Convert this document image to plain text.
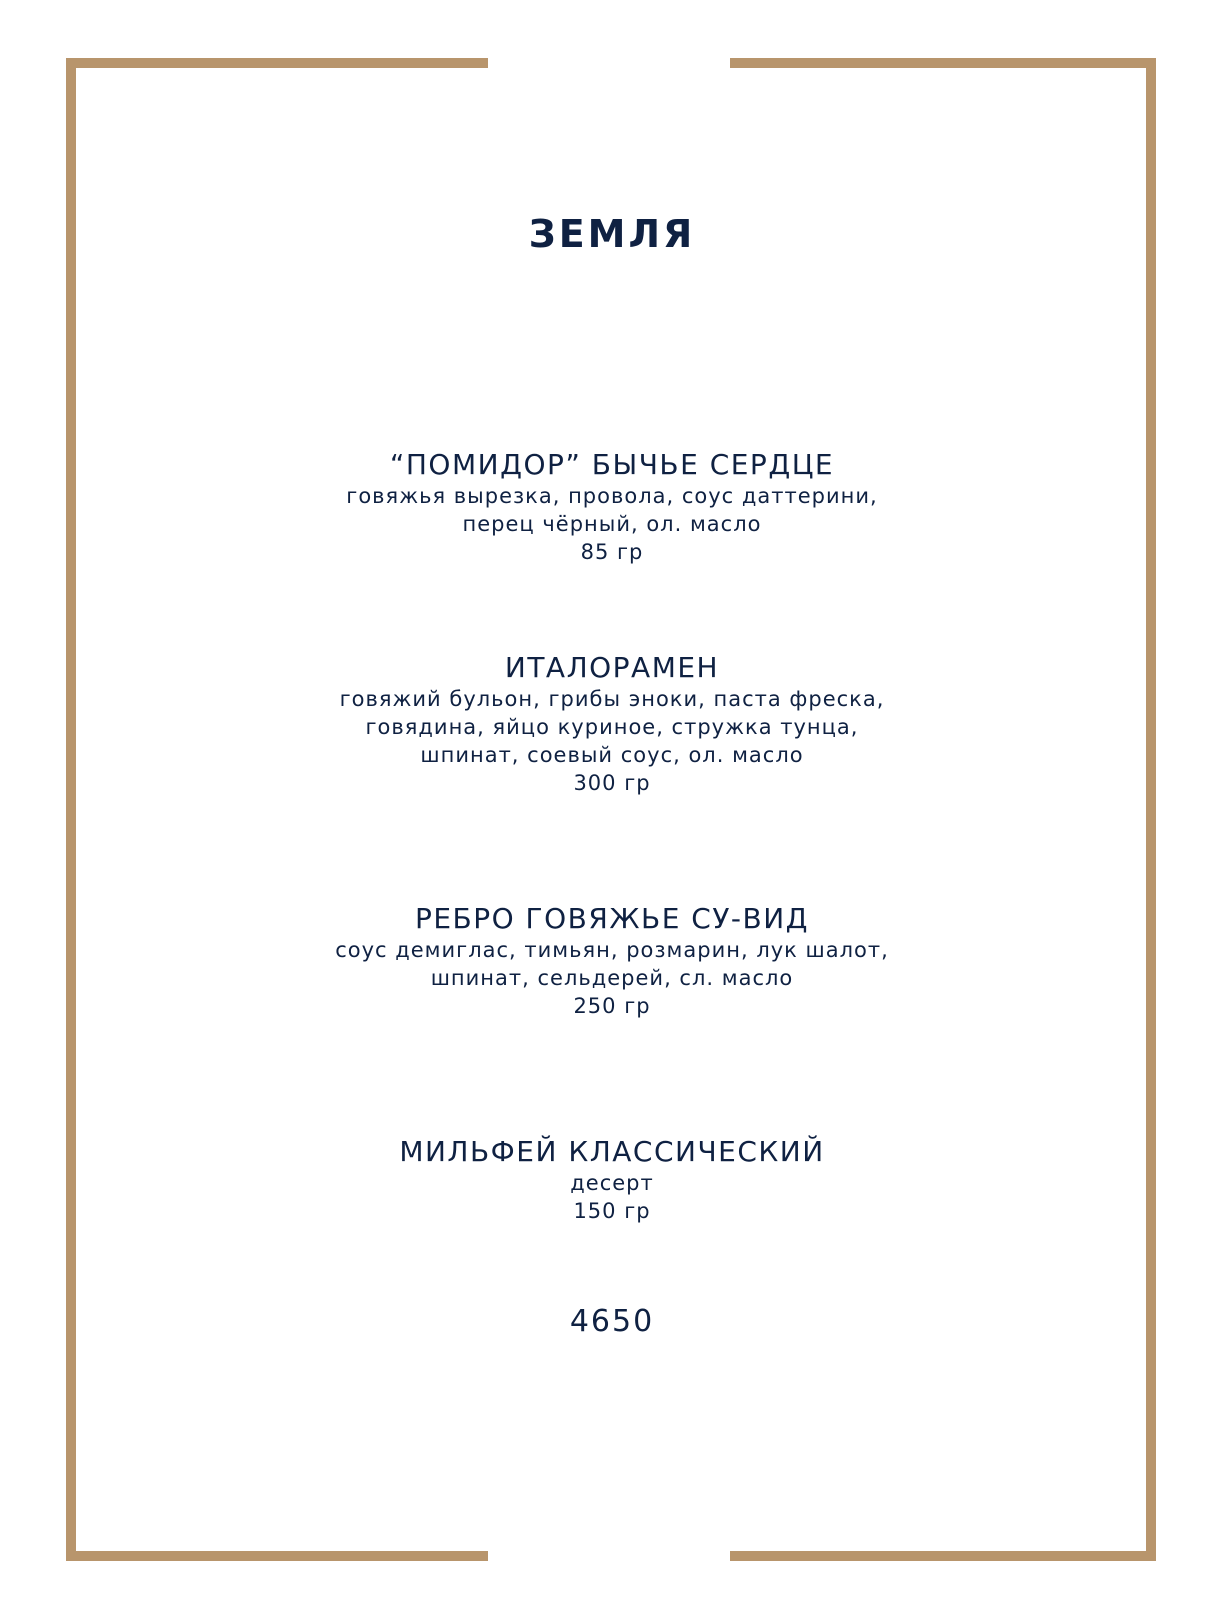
ЗЕМЛЯ
“ПОМИДОР” БЫЧЬЕ СЕРДЦЕ
говяжья вырезка, провола, соус даттерини,
перец чёрный, ол. масло
85 гр
ИТАЛОРАМЕН
говяжий бульон, грибы эноки, паста фреска,
говядина, яйцо куриное, стружка тунца,
шпинат, соевый соус, ол. масло
300 гр
РЕБРО ГОВЯЖЬЕ СУ-ВИД
соус демиглас, тимьян, розмарин, лук шалот,
шпинат, сельдерей, сл. масло
250 гр
МИЛЬФЕЙ КЛАССИЧЕСКИЙ
десерт
150 гр
4650
